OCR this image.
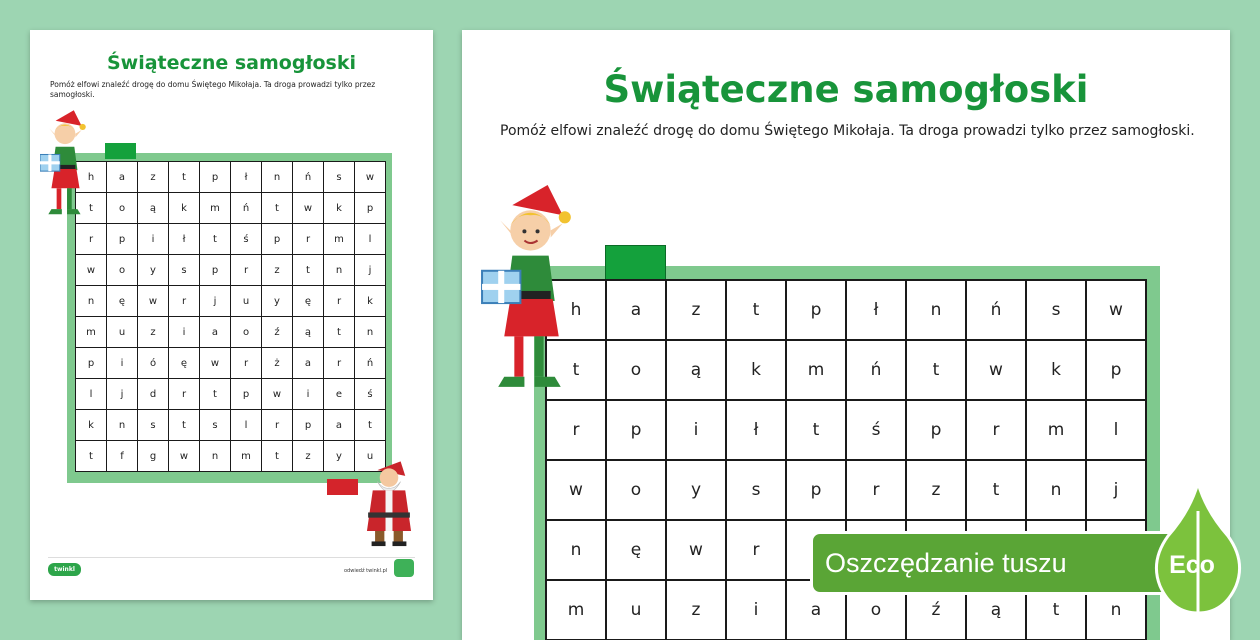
Świąteczne samogłoski
Pomóż elfowi znaleźć drogę do domu Świętego Mikołaja. Ta droga prowadzi tylko przez samogłoski.
h	a	z	t	p	ł	n	ń	s	w
t	o	ą	k	m	ń	t	w	k	p
r	p	i	ł	t	ś	p	r	m	l
w	o	y	s	p	r	z	t	n	j
n	ę	w	r	j	u	y	ę	r	k
m	u	z	i	a	o	ź	ą	t	n
p	i	ó	ę	w	r	ż	a	r	ń
l	j	d	r	t	p	w	i	e	ś
k	n	s	t	s	l	r	p	a	t
t	f	g	w	n	m	t	z	y	u
twinkl	odwiedź twinkl.pl
Świąteczne samogłoski
Pomóż elfowi znaleźć drogę do domu Świętego Mikołaja. Ta droga prowadzi tylko przez samogłoski.
h	a	z	t	p	ł	n	ń	s	w
t	o	ą	k	m	ń	t	w	k	p
r	p	i	ł	t	ś	p	r	m	l
w	o	y	s	p	r	z	t	n	j
n	ę	w	r
m	u	z	i	a	o	ź	ą	t	n
Oszczędzanie tuszu	Eco
